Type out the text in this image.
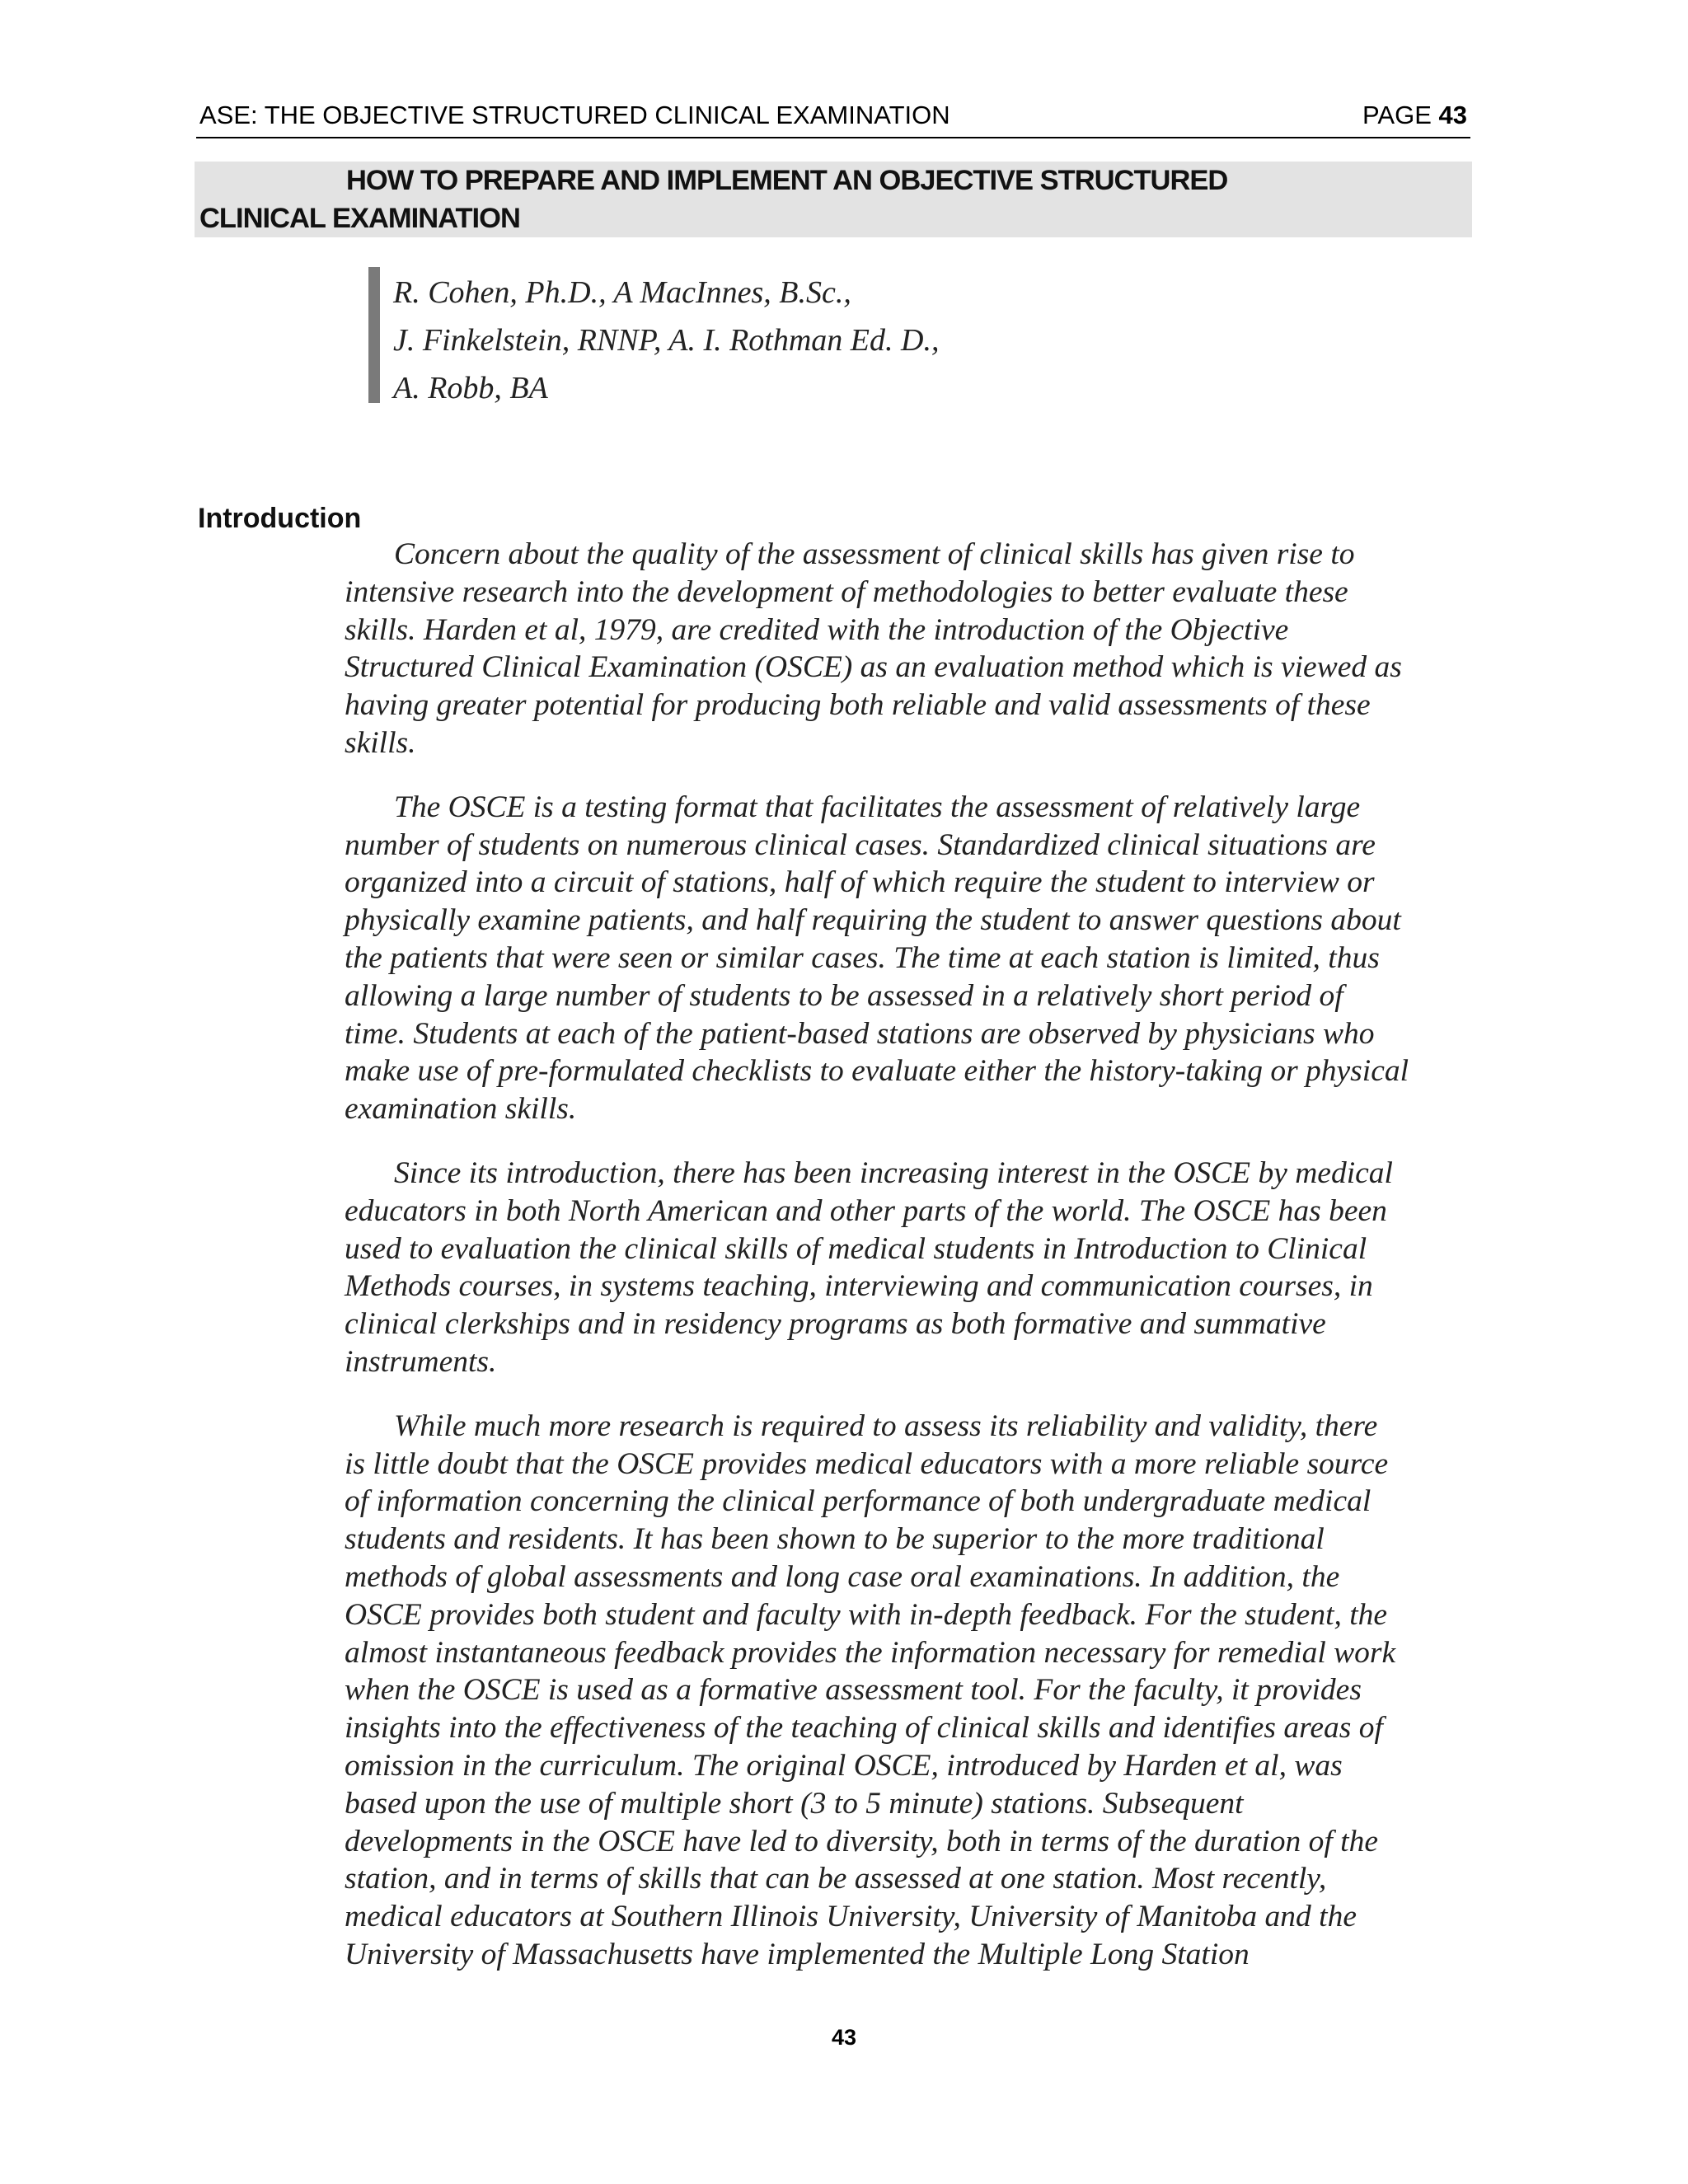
ASE: THE OBJECTIVE STRUCTURED CLINICAL EXAMINATION	PAGE 43
HOW TO PREPARE AND IMPLEMENT AN OBJECTIVE STRUCTURED
CLINICAL EXAMINATION
R. Cohen, Ph.D., A MacInnes, B.Sc.,
J. Finkelstein, RNNP, A. I. Rothman Ed. D.,
A. Robb, BA
Introduction
Concern about the quality of the assessment of clinical skills has given rise to
intensive research into the development of methodologies to better evaluate these
skills. Harden et al, 1979, are credited with the introduction of the Objective
Structured Clinical Examination (OSCE) as an evaluation method which is viewed as
having greater potential for producing both reliable and valid assessments of these
skills.
The OSCE is a testing format that facilitates the assessment of relatively large
number of students on numerous clinical cases. Standardized clinical situations are
organized into a circuit of stations, half of which require the student to interview or
physically examine patients, and half requiring the student to answer questions about
the patients that were seen or similar cases. The time at each station is limited, thus
allowing a large number of students to be assessed in a relatively short period of
time. Students at each of the patient-based stations are observed by physicians who
make use of pre-formulated checklists to evaluate either the history-taking or physical
examination skills.
Since its introduction, there has been increasing interest in the OSCE by medical
educators in both North American and other parts of the world. The OSCE has been
used to evaluation the clinical skills of medical students in Introduction to Clinical
Methods courses, in systems teaching, interviewing and communication courses, in
clinical clerkships and in residency programs as both formative and summative
instruments.
While much more research is required to assess its reliability and validity, there
is little doubt that the OSCE provides medical educators with a more reliable source
of information concerning the clinical performance of both undergraduate medical
students and residents. It has been shown to be superior to the more traditional
methods of global assessments and long case oral examinations. In addition, the
OSCE provides both student and faculty with in-depth feedback. For the student, the
almost instantaneous feedback provides the information necessary for remedial work
when the OSCE is used as a formative assessment tool. For the faculty, it provides
insights into the effectiveness of the teaching of clinical skills and identifies areas of
omission in the curriculum. The original OSCE, introduced by Harden et al, was
based upon the use of multiple short (3 to 5 minute) stations. Subsequent
developments in the OSCE have led to diversity, both in terms of the duration of the
station, and in terms of skills that can be assessed at one station. Most recently,
medical educators at Southern Illinois University, University of Manitoba and the
University of Massachusetts have implemented the Multiple Long Station
43
